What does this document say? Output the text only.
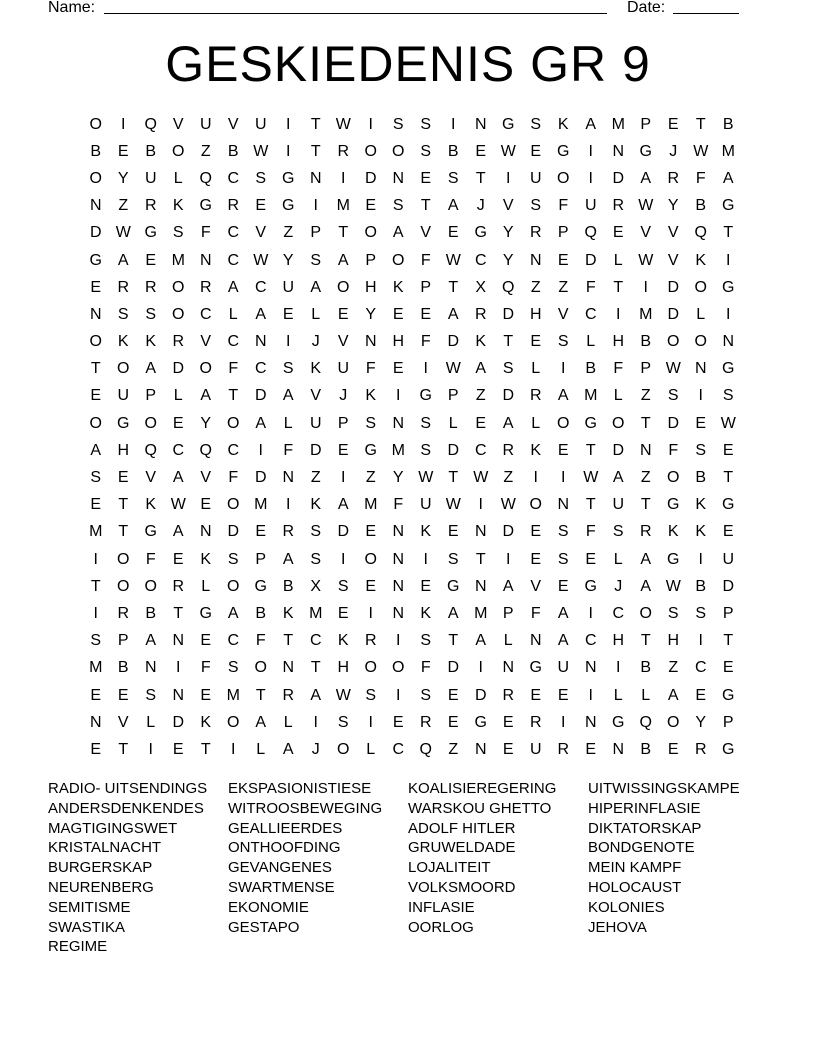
Name:	Date:
GESKIEDENIS GR 9
O	I	Q V	U	V	U	I	T W	I	S	S	I	N G S	K	A M P	E	T	B
B	E	B O	Z	B W	I	T	R O O S	B	E W E G	I	N G	J W M
O Y	U	L	Q C	S G N	I	D N	E	S	T	I	U O	I	D	A	R	F	A
N	Z	R	K G R	E G	I	M E	S	T	A	J	V	S	F	U R W Y	B G
D W G S	F	C	V	Z	P	T	O A	V	E G Y	R	P Q E	V	V Q	T
G A	E M N C W Y	S	A	P O	F W C	Y	N	E	D	L W V	K	I
E	R R O R	A	C U	A O H	K	P	T	X Q	Z	Z	F	T	I	D O G
N	S	S O C	L	A	E	L	E	Y	E	E	A	R D H	V	C	I	M D	L	I
O K	K	R	V	C N	I	J	V	N H	F	D	K	T	E	S	L	H	B O O N
T	O A	D O	F	C	S	K	U	F	E	I	W A	S	L	I	B	F	P W N G
E	U	P	L	A	T	D	A	V	J	K	I	G P	Z	D R	A M	L	Z	S	I	S
O G O E	Y O A	L	U	P	S	N	S	L	E	A	L	O G O	T	D	E W
A	H Q C Q C	I	F	D	E G M S	D C R	K	E	T	D N	F	S	E
S	E	V	A	V	F	D N	Z	I	Z	Y W T W Z	I	I	W A	Z	O B	T
E	T	K W E O M	I	K	A M F	U W	I	W O N	T	U	T	G K G
M T	G A	N D	E	R	S	D	E	N	K	E	N D	E	S	F	S	R	K	K	E
I	O	F	E	K	S	P	A	S	I	O N	I	S	T	I	E	S	E	L	A G	I	U
T	O O R	L	O G B	X	S	E	N	E G N	A	V	E G	J	A W B	D
I	R	B	T	G A	B	K M E	I	N	K	A M P	F	A	I	C O S	S	P
S	P	A	N	E	C	F	T	C	K	R	I	S	T	A	L	N	A	C H	T	H	I	T
M B	N	I	F	S O N	T	H O O	F	D	I	N G U N	I	B	Z	C	E
E	E	S	N	E M T	R	A W S	I	S	E	D R	E	E	I	L	L	A	E G
N	V	L	D	K O A	L	I	S	I	E	R	E G E	R	I	N G Q O Y	P
E	T	I	E	T	I	L	A	J	O	L	C Q	Z	N	E	U R	E	N	B	E	R G
RADIO- UITSENDINGS	EKSPASIONISTIESE	KOALISIEREGERING	UITWISSINGSKAMPE
ANDERSDENKENDES	WITROOSBEWEGING	WARSKOU GHETTO	HIPERINFLASIE
MAGTIGINGSWET	GEALLIEERDES	ADOLF HITLER	DIKTATORSKAP
KRISTALNACHT	ONTHOOFDING	GRUWELDADE	BONDGENOTE
BURGERSKAP	GEVANGENES	LOJALITEIT	MEIN KAMPF
NEURENBERG	SWARTMENSE	VOLKSMOORD	HOLOCAUST
SEMITISME	EKONOMIE	INFLASIE	KOLONIES
SWASTIKA	GESTAPO	OORLOG	JEHOVA
REGIME
